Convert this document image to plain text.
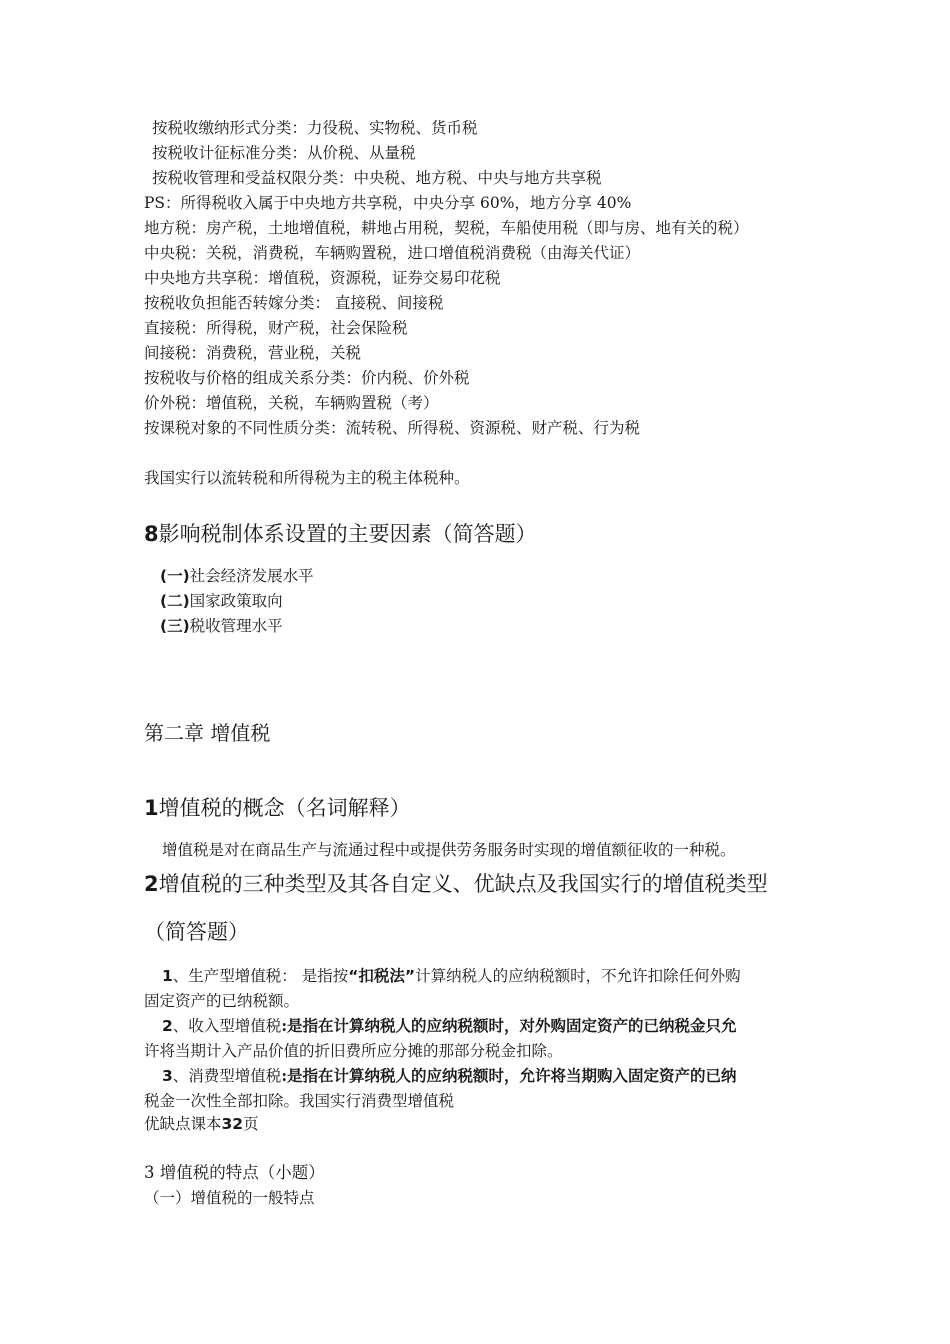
按税收缴纳形式分类：力役税、实物税、货币税
按税收计征标准分类：从价税、从量税
按税收管理和受益权限分类：中央税、地方税、中央与地方共享税
PS：所得税收入属于中央地方共享税，中央分享 60%，地方分享 40%
地方税：房产税，土地增值税，耕地占用税，契税，车船使用税（即与房、地有关的税）
中央税：关税，消费税，车辆购置税，进口增值税消费税（由海关代证）
中央地方共享税：增值税，资源税，证券交易印花税
按税收负担能否转嫁分类： 直接税、间接税
直接税：所得税，财产税，社会保险税
间接税：消费税，营业税，关税
按税收与价格的组成关系分类：价内税、价外税
价外税：增值税，关税，车辆购置税（考）
按课税对象的不同性质分类：流转税、所得税、资源税、财产税、行为税
我国实行以流转税和所得税为主的税主体税种。
8影响税制体系设置的主要因素（简答题）
(一)社会经济发展水平
(二)国家政策取向
(三)税收管理水平
第二章 增值税
1增值税的概念（名词解释）
增值税是对在商品生产与流通过程中或提供劳务服务时实现的增值额征收的一种税。
2增值税的三种类型及其各自定义、优缺点及我国实行的增值税类型
（简答题）
1、生产型增值税： 是指按“扣税法”计算纳税人的应纳税额时，不允许扣除任何外购
固定资产的已纳税额。
2、收入型增值税:是指在计算纳税人的应纳税额时，对外购固定资产的已纳税金只允
许将当期计入产品价值的折旧费所应分摊的那部分税金扣除。
3、消费型增值税:是指在计算纳税人的应纳税额时，允许将当期购入固定资产的已纳
税金一次性全部扣除。我国实行消费型增值税
优缺点课本32页
3 增值税的特点（小题）
（一）增值税的一般特点
